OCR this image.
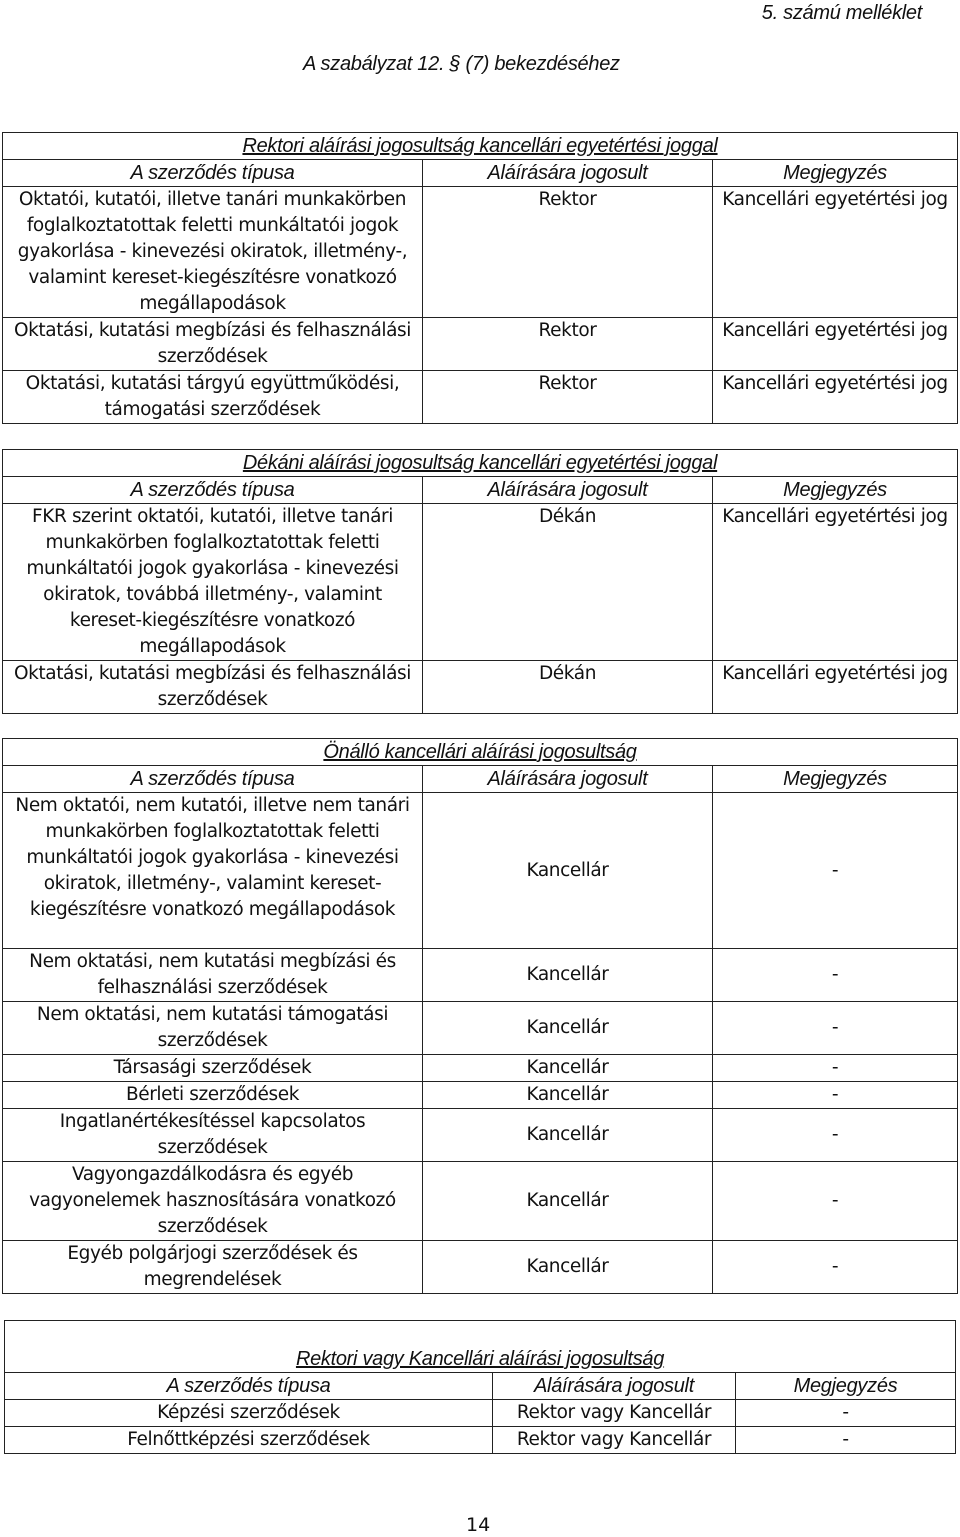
5. számú melléklet
A szabályzat 12. § (7) bekezdéséhez
Rektori aláírási jogosultság kancellári egyetértési joggal		
A szerződés típusa	Aláírására jogosult	Megjegyzés
Oktatói, kutatói, illetve tanári munkakörben foglalkoztatottak feletti munkáltatói jogok gyakorlása - kinevezési okiratok, illetmény-, valamint kereset-kiegészítésre vonatkozó megállapodások	Rektor	Kancellári egyetértési jog
Oktatási, kutatási megbízási és felhasználási szerződések	Rektor	Kancellári egyetértési jog
Oktatási, kutatási tárgyú együttműködési, támogatási szerződések	Rektor	Kancellári egyetértési jog
Dékáni aláírási jogosultság kancellári egyetértési joggal		
A szerződés típusa	Aláírására jogosult	Megjegyzés
FKR szerint oktatói, kutatói, illetve tanári munkakörben foglalkoztatottak feletti munkáltatói jogok gyakorlása - kinevezési okiratok, továbbá illetmény-, valamint kereset-kiegészítésre vonatkozó megállapodások	Dékán	Kancellári egyetértési jog
Oktatási, kutatási megbízási és felhasználási szerződések	Dékán	Kancellári egyetértési jog
Önálló kancellári aláírási jogosultság		
A szerződés típusa	Aláírására jogosult	Megjegyzés
Nem oktatói, nem kutatói, illetve nem tanári munkakörben foglalkoztatottak feletti munkáltatói jogok gyakorlása - kinevezési okiratok, illetmény-, valamint kereset-kiegészítésre vonatkozó megállapodások	Kancellár	-
Nem oktatási, nem kutatási megbízási és felhasználási szerződések	Kancellár	-
Nem oktatási, nem kutatási támogatási szerződések	Kancellár	-
Társasági szerződések	Kancellár	-
Bérleti szerződések	Kancellár	-
Ingatlanértékesítéssel kapcsolatos szerződések	Kancellár	-
Vagyongazdálkodásra és egyéb vagyonelemek hasznosítására vonatkozó szerződések	Kancellár	-
Egyéb polgárjogi szerződések és megrendelések	Kancellár	-
Rektori vagy Kancellári aláírási jogosultság		
A szerződés típusa	Aláírására jogosult	Megjegyzés
Képzési szerződések	Rektor vagy Kancellár	-
Felnőttképzési szerződések	Rektor vagy Kancellár	-
14
